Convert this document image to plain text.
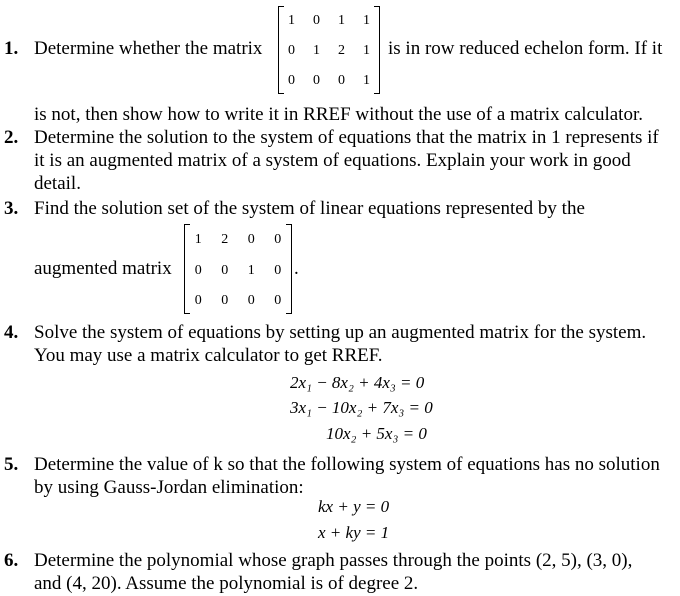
1. Determine whether the matrix
1	0	1	1
0	1	2	1
0	0	0	1
is in row reduced echelon form. If it
is not, then show how to write it in RREF without the use of a matrix calculator.
2. Determine the solution to the system of equations that the matrix in 1 represents if
it is an augmented matrix of a system of equations. Explain your work in good
detail.
3. Find the solution set of the system of linear equations represented by the
augmented matrix
1	2	0	0
0	0	1	0
0	0	0	0
.
4. Solve the system of equations by setting up an augmented matrix for the system.
You may use a matrix calculator to get RREF.
2x₁ − 8x₂ + 4x₃ = 0
3x₁ − 10x₂ + 7x₃ = 0
10x₂ + 5x₃ = 0
5. Determine the value of k so that the following system of equations has no solution
by using Gauss-Jordan elimination:
kx + y = 0
x + ky = 1
6. Determine the polynomial whose graph passes through the points (2, 5), (3, 0),
and (4, 20). Assume the polynomial is of degree 2.
